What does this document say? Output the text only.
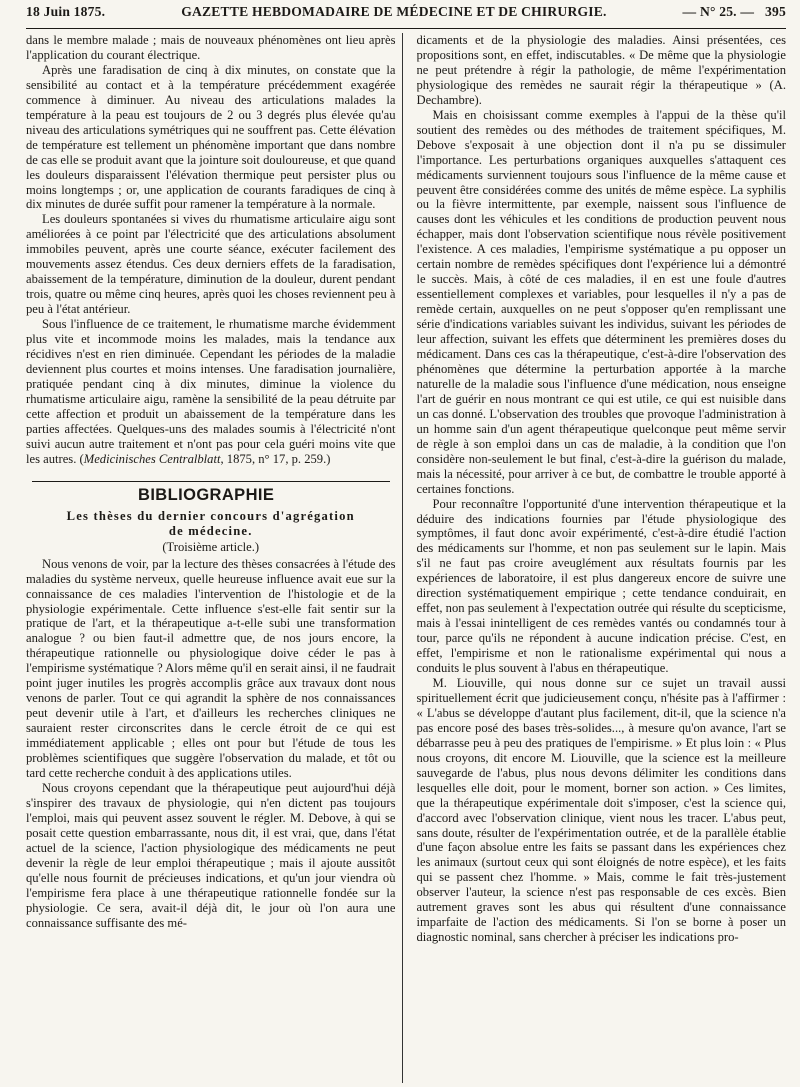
18 Juin 1875.	GAZETTE HEBDOMADAIRE DE MÉDECINE ET DE CHIRURGIE.	— N° 25. — 395

dans le membre malade ; mais de nouveaux phénomènes ont lieu après l'application du courant électrique.

Après une faradisation de cinq à dix minutes, on constate que la sensibilité au contact et à la température précédemment exagérée commence à diminuer. Au niveau des articulations malades la température à la peau est toujours de 2 ou 3 degrés plus élevée qu'au niveau des articulations symétriques qui ne souffrent pas. Cette élévation de température est tellement un phénomène important que dans nombre de cas elle se produit avant que la jointure soit douloureuse, et que quand les douleurs disparaissent l'élévation thermique peut persister plus ou moins longtemps ; or, une application de courants faradiques de cinq à dix minutes de durée suffit pour ramener la température à la normale.

Les douleurs spontanées si vives du rhumatisme articulaire aigu sont améliorées à ce point par l'électricité que des articulations absolument immobiles peuvent, après une courte séance, exécuter facilement des mouvements assez étendus. Ces deux derniers effets de la faradisation, abaissement de la température, diminution de la douleur, durent pendant trois, quatre ou même cinq heures, après quoi les choses reviennent peu à peu à l'état antérieur.

Sous l'influence de ce traitement, le rhumatisme marche évidemment plus vite et incommode moins les malades, mais la tendance aux récidives n'est en rien diminuée. Cependant les périodes de la maladie deviennent plus courtes et moins intenses. Une faradisation journalière, pratiquée pendant cinq à dix minutes, diminue la violence du rhumatisme articulaire aigu, ramène la sensibilité de la peau détruite par cette affection et produit un abaissement de la température dans les parties affectées. Quelques-uns des malades soumis à l'électricité n'ont suivi aucun autre traitement et n'ont pas pour cela guéri moins vite que les autres. (Medicinisches Centralblatt, 1875, n° 17, p. 259.)

BIBLIOGRAPHIE
Les thèses du dernier concours d'agrégation
de médecine.
(Troisième article.)

Nous venons de voir, par la lecture des thèses consacrées à l'étude des maladies du système nerveux, quelle heureuse influence avait eue sur la connaissance de ces maladies l'intervention de l'histologie et de la physiologie expérimentale. Cette influence s'est-elle fait sentir sur la pratique de l'art, et la thérapeutique a-t-elle subi une transformation analogue ? ou bien faut-il admettre que, de nos jours encore, la thérapeutique rationnelle ou physiologique doive céder le pas à l'empirisme systématique ? Alors même qu'il en serait ainsi, il ne faudrait point juger inutiles les progrès accomplis grâce aux travaux dont nous venons de parler. Tout ce qui agrandit la sphère de nos connaissances peut devenir utile à l'art, et d'ailleurs les recherches cliniques ne sauraient rester circonscrites dans le cercle étroit de ce qui est immédiatement applicable ; elles ont pour but l'étude de tous les problèmes scientifiques que suggère l'observation du malade, et tôt ou tard cette recherche conduit à des applications utiles.

Nous croyons cependant que la thérapeutique peut aujourd'hui déjà s'inspirer des travaux de physiologie, qui n'en dictent pas toujours l'emploi, mais qui peuvent assez souvent le régler. M. Debove, à qui se posait cette question embarrassante, nous dit, il est vrai, que, dans l'état actuel de la science, l'action physiologique des médicaments ne peut devenir la règle de leur emploi thérapeutique ; mais il ajoute aussitôt qu'elle nous fournit de précieuses indications, et qu'un jour viendra où l'empirisme fera place à une thérapeutique rationnelle fondée sur la physiologie. Ce sera, avait-il déjà dit, le jour où l'on aura une connaissance suffisante des mé-

dicaments et de la physiologie des maladies. Ainsi présentées, ces propositions sont, en effet, indiscutables. « De même que la physiologie ne peut prétendre à régir la pathologie, de même l'expérimentation physiologique des remèdes ne saurait régir la thérapeutique » (A. Dechambre).

Mais en choisissant comme exemples à l'appui de la thèse qu'il soutient des remèdes ou des méthodes de traitement spécifiques, M. Debove s'exposait à une objection dont il n'a pu se dissimuler l'importance. Les perturbations organiques auxquelles s'attaquent ces médicaments surviennent toujours sous l'influence de la même cause et peuvent être considérées comme des unités de même espèce. La syphilis ou la fièvre intermittente, par exemple, naissent sous l'influence de causes dont les véhicules et les conditions de production peuvent nous échapper, mais dont l'observation scientifique nous révèle positivement l'existence. A ces maladies, l'empirisme systématique a pu opposer un certain nombre de remèdes spécifiques dont l'expérience lui a démontré le succès. Mais, à côté de ces maladies, il en est une foule d'autres essentiellement complexes et variables, pour lesquelles il n'y a pas de remède certain, auxquelles on ne peut s'opposer qu'en remplissant une série d'indications variables suivant les individus, suivant les périodes de leur affection, suivant les effets que déterminent les premières doses du médicament. Dans ces cas la thérapeutique, c'est-à-dire l'observation des phénomènes que détermine la perturbation apportée à la marche naturelle de la maladie sous l'influence d'une médication, nous enseigne l'art de guérir en nous montrant ce qui est utile, ce qui est nuisible dans un cas donné. L'observation des troubles que provoque l'administration à un homme sain d'un agent thérapeutique quelconque peut même servir de règle à son emploi dans un cas de maladie, à la condition que l'on considère non-seulement le but final, c'est-à-dire la guérison du malade, mais la nécessité, pour arriver à ce but, de combattre le trouble apporté à certaines fonctions.

Pour reconnaître l'opportunité d'une intervention thérapeutique et la déduire des indications fournies par l'étude physiologique des symptômes, il faut donc avoir expérimenté, c'est-à-dire étudié l'action des médicaments sur l'homme, et non pas seulement sur le lapin. Mais s'il ne faut pas croire aveuglément aux résultats fournis par les expériences de laboratoire, il est plus dangereux encore de suivre une direction systématiquement empirique ; cette tendance conduirait, en effet, non pas seulement à l'expectation outrée qui résulte du scepticisme, mais à l'essai inintelligent de ces remèdes vantés ou condamnés tour à tour, parce qu'ils ne répondent à aucune indication précise. C'est, en effet, l'empirisme et non le rationalisme expérimental qui nous a conduits le plus souvent à l'abus en thérapeutique.

M. Liouville, qui nous donne sur ce sujet un travail aussi spirituellement écrit que judicieusement conçu, n'hésite pas à l'affirmer : « L'abus se développe d'autant plus facilement, dit-il, que la science n'a pas encore posé des bases très-solides..., à mesure qu'on avance, l'art se débarrasse peu à peu des pratiques de l'empirisme. » Et plus loin : « Plus nous croyons, dit encore M. Liouville, que la science est la meilleure sauvegarde de l'abus, plus nous devons délimiter les conditions dans lesquelles elle doit, pour le moment, borner son action. » Ces limites, que la thérapeutique expérimentale doit s'imposer, c'est la science qui, d'accord avec l'observation clinique, vient nous les tracer. L'abus peut, sans doute, résulter de l'expérimentation outrée, et de la parallèle établie d'une façon absolue entre les faits se passant dans les expériences chez les animaux (surtout ceux qui sont éloignés de notre espèce), et les faits qui se passent chez l'homme. » Mais, comme le fait très-justement observer l'auteur, la science n'est pas responsable de ces excès. Bien autrement graves sont les abus qui résultent d'une connaissance imparfaite de l'action des médicaments. Si l'on se borne à poser un diagnostic nominal, sans chercher à préciser les indications pro-
